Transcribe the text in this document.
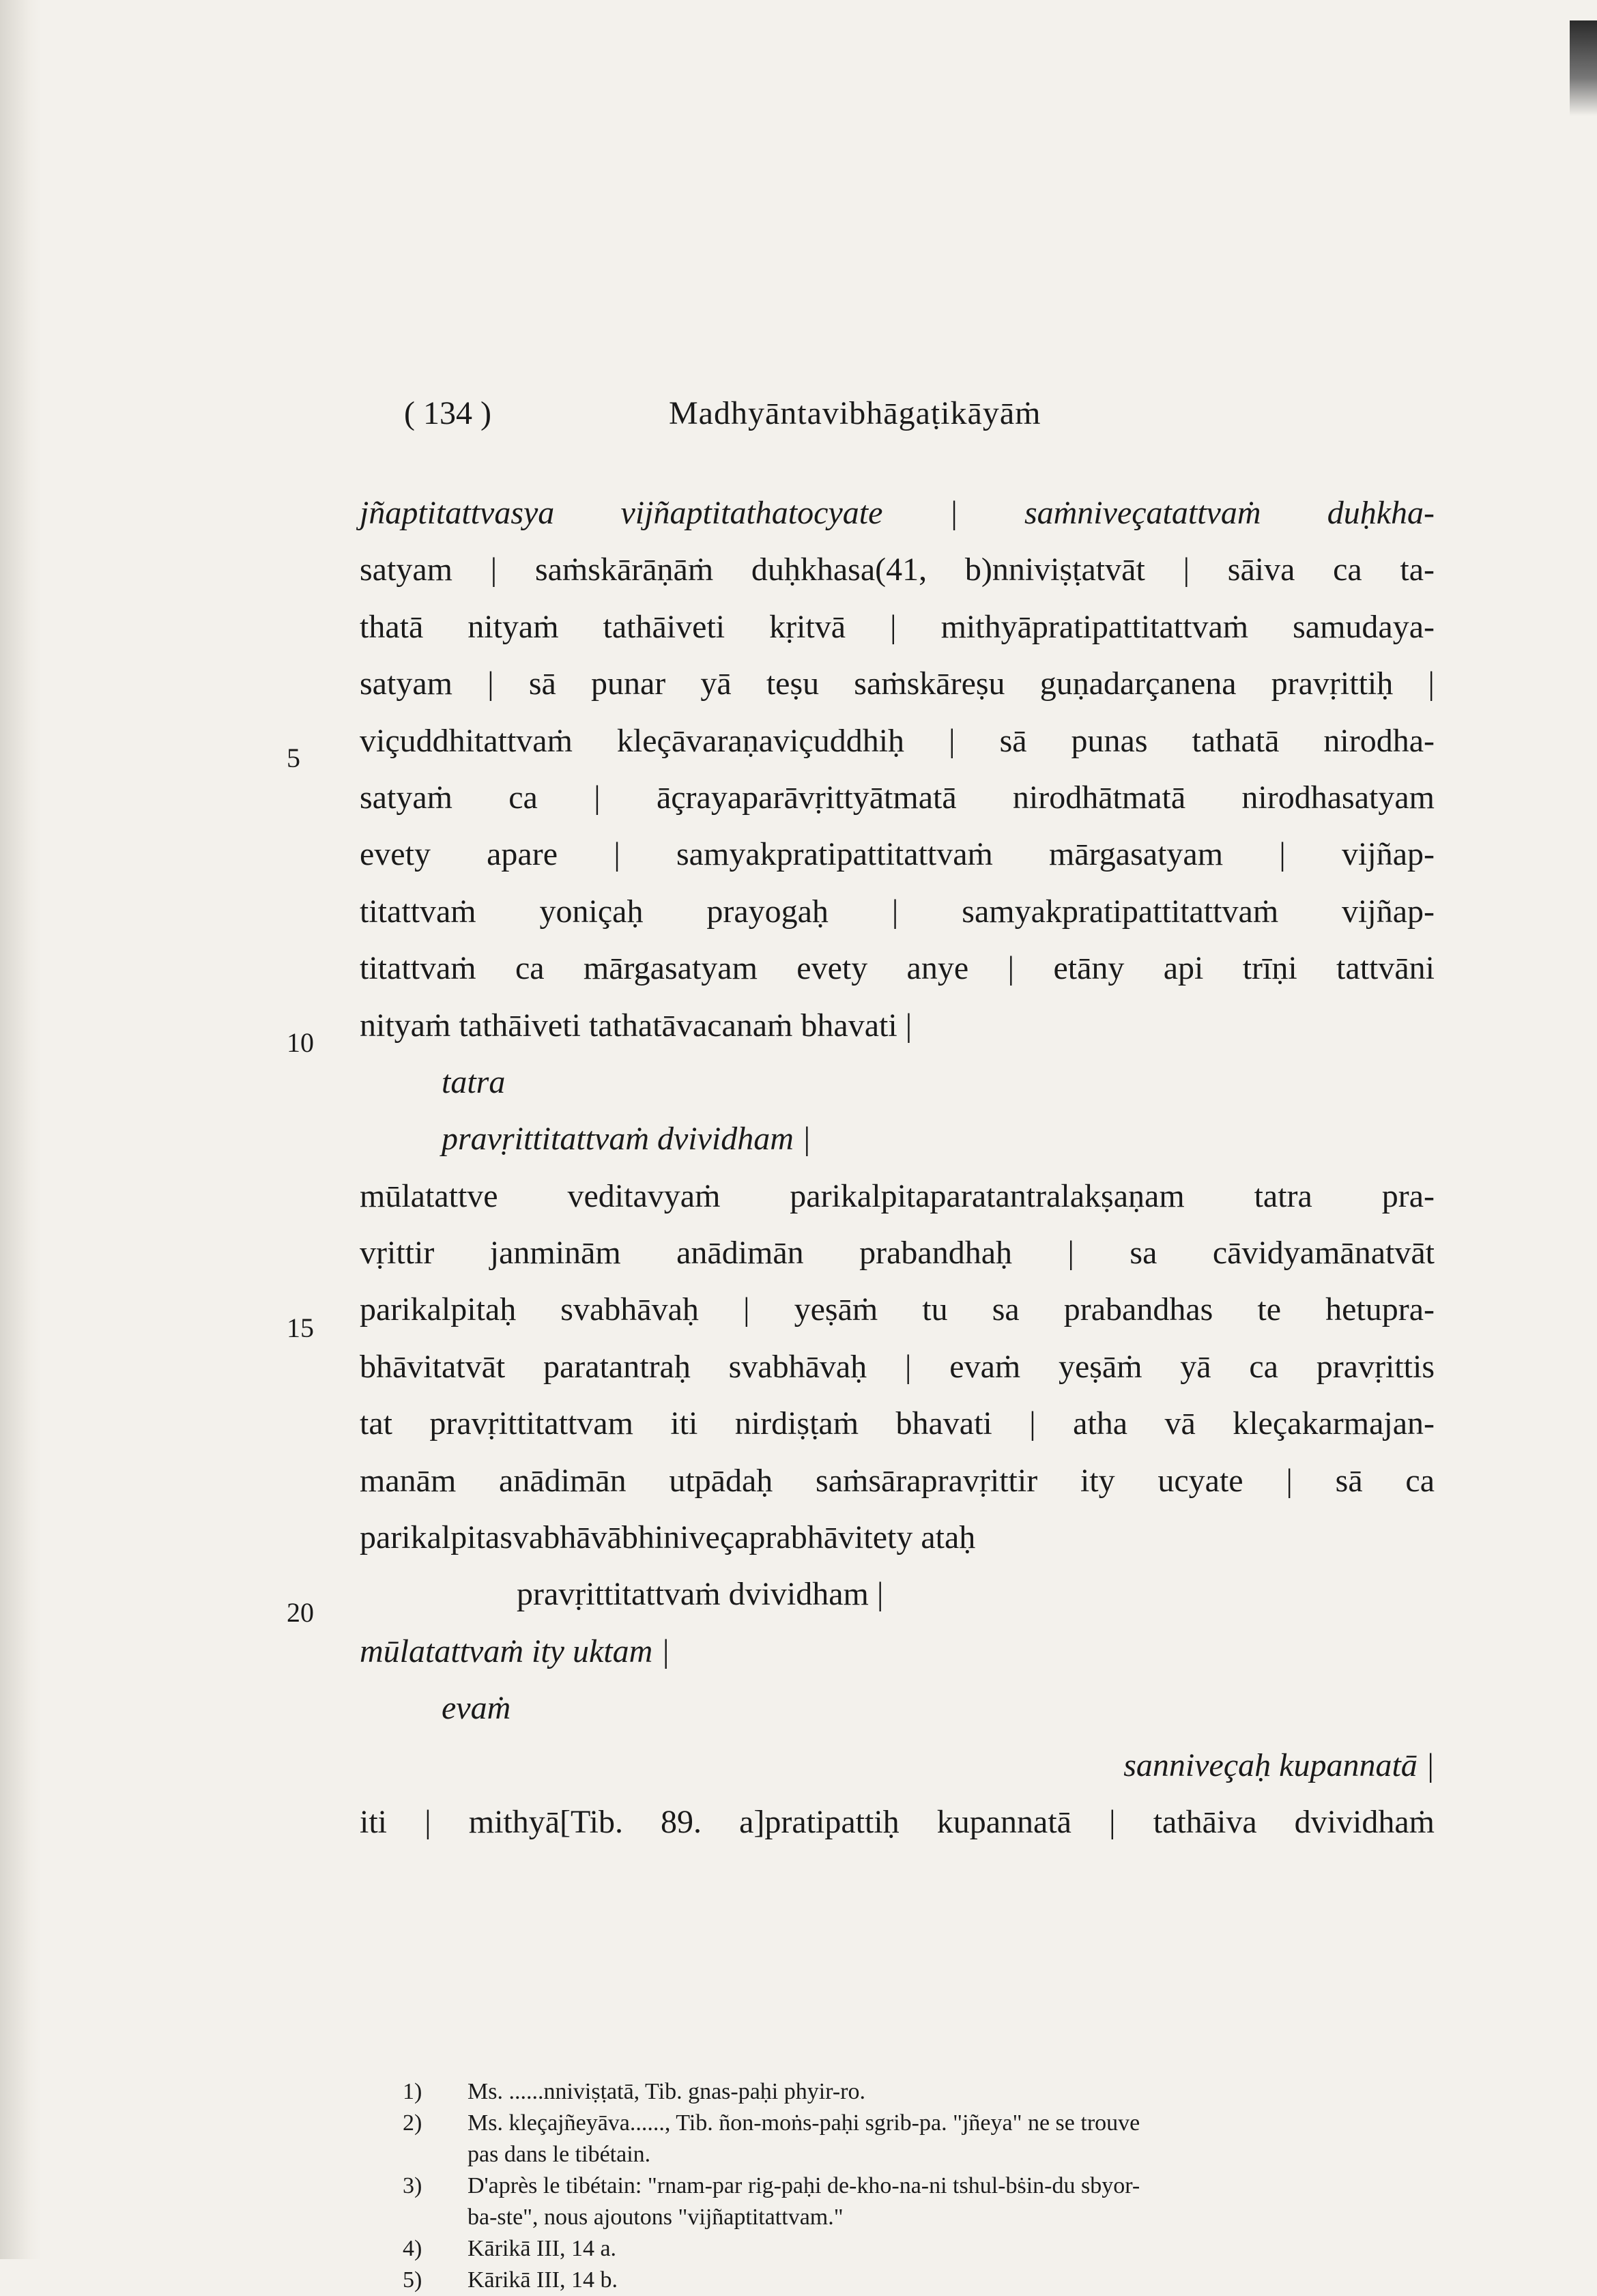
( 134 )	Madhyāntavibhāgaṭikāyāṁ
jñaptitattvasya vijñaptitathatocyate | saṁniveçatattvaṁ duḥkha-
satyam | saṁskārāṇāṁ duḥkhasa(41, b)nniviṣṭatvāt | sāiva ca ta-
thatā nityaṁ tathāiveti kṛitvā | mithyāpratipattitattvaṁ samudaya-
satyam | sā punar yā teṣu saṁskāreṣu guṇadarçanena pravṛittiḥ |
viçuddhitattvaṁ kleçāvaraṇaviçuddhiḥ | sā punas tathatā nirodha-
satyaṁ ca | āçrayaparāvṛittyātmatā nirodhātmatā nirodhasatyam
evety apare | samyakpratipattitattvaṁ mārgasatyam | vijñap-
titattvaṁ yoniçaḥ prayogaḥ | samyakpratipattitattvaṁ vijñap-
titattvaṁ ca mārgasatyam evety anye | etāny api trīṇi tattvāni
nityaṁ tathāiveti tathatāvacanaṁ bhavati |
tatra
pravṛittitattvaṁ dvividham |
mūlatattve veditavyaṁ parikalpitaparatantralakṣaṇam tatra pra-
vṛittir janminām anādimān prabandhaḥ | sa cāvidyamānatvāt
parikalpitaḥ svabhāvaḥ | yeṣāṁ tu sa prabandhas te hetupra-
bhāvitatvāt paratantraḥ svabhāvaḥ | evaṁ yeṣāṁ yā ca pravṛittis
tat pravṛittitattvam iti nirdiṣṭaṁ bhavati | atha vā kleçakarmajan-
manām anādimān utpādaḥ saṁsārapravṛittir ity ucyate | sā ca
parikalpitasvabhāvābhiniveçaprabhāvitety ataḥ
pravṛittitattvaṁ dvividham |
mūlatattvaṁ ity uktam |
evaṁ
sanniveçaḥ kupannatā |
iti | mithyā[Tib. 89. a]pratipattiḥ kupannatā | tathāiva dvividhaṁ
5
10
15
20
1)	Ms. ......nniviṣṭatā, Tib. gnas-paḥi phyir-ro.
2)	Ms. kleçajñeyāva......, Tib. ñon-moṅs-paḥi sgrib-pa. "jñeya" ne se trouve
pas dans le tibétain.
3)	D'après le tibétain: "rnam-par rig-paḥi de-kho-na-ni tshul-bṡin-du sbyor-
ba-ste", nous ajoutons "vijñaptitattvam."
4)	Kārikā III, 14 a.
5)	Kārikā III, 14 b.
